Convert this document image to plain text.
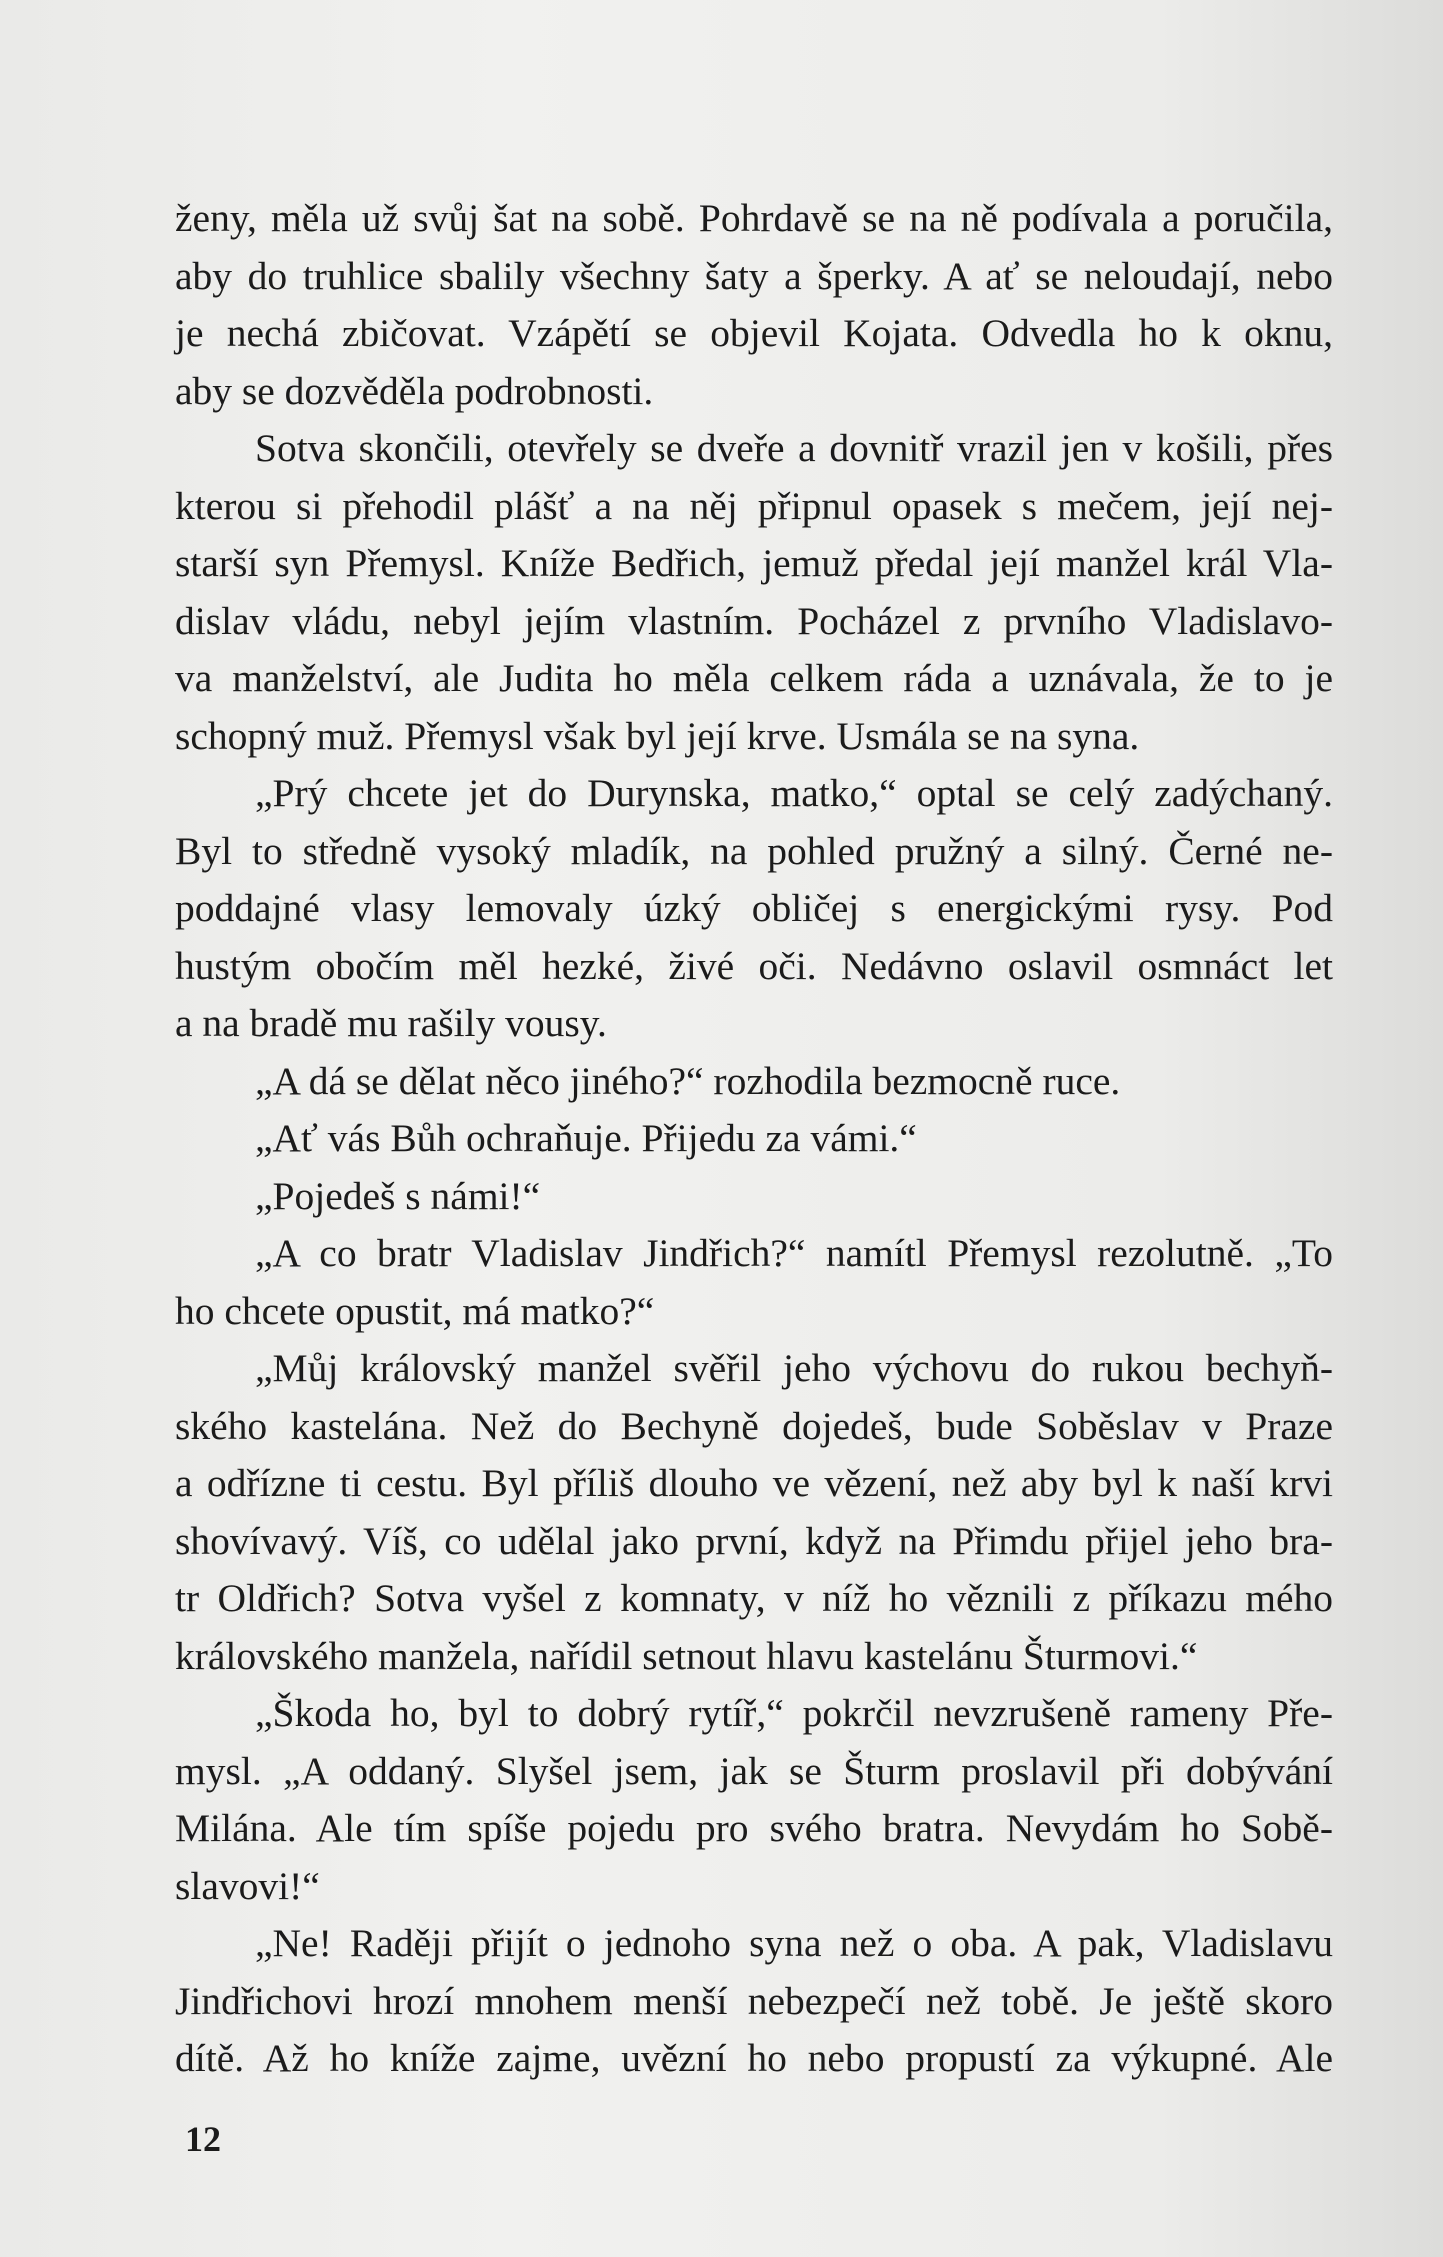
ženy, měla už svůj šat na sobě. Pohrdavě se na ně podívala a poručila,
aby do truhlice sbalily všechny šaty a šperky. A ať se neloudají, nebo
je nechá zbičovat. Vzápětí se objevil Kojata. Odvedla ho k oknu,
aby se dozvěděla podrobnosti.
Sotva skončili, otevřely se dveře a dovnitř vrazil jen v košili, přes
kterou si přehodil plášť a na něj připnul opasek s mečem, její nej-
starší syn Přemysl. Kníže Bedřich, jemuž předal její manžel král Vla-
dislav vládu, nebyl jejím vlastním. Pocházel z prvního Vladislavo-
va manželství, ale Judita ho měla celkem ráda a uznávala, že to je
schopný muž. Přemysl však byl její krve. Usmála se na syna.
„Prý chcete jet do Durynska, matko,“ optal se celý zadýchaný.
Byl to středně vysoký mladík, na pohled pružný a silný. Černé ne-
poddajné vlasy lemovaly úzký obličej s energickými rysy. Pod
hustým obočím měl hezké, živé oči. Nedávno oslavil osmnáct let
a na bradě mu rašily vousy.
„A dá se dělat něco jiného?“ rozhodila bezmocně ruce.
„Ať vás Bůh ochraňuje. Přijedu za vámi.“
„Pojedeš s námi!“
„A co bratr Vladislav Jindřich?“ namítl Přemysl rezolutně. „To
ho chcete opustit, má matko?“
„Můj královský manžel svěřil jeho výchovu do rukou bechyň-
ského kastelána. Než do Bechyně dojedeš, bude Soběslav v Praze
a odřízne ti cestu. Byl příliš dlouho ve vězení, než aby byl k naší krvi
shovívavý. Víš, co udělal jako první, když na Přimdu přijel jeho bra-
tr Oldřich? Sotva vyšel z komnaty, v níž ho věznili z příkazu mého
královského manžela, nařídil setnout hlavu kastelánu Šturmovi.“
„Škoda ho, byl to dobrý rytíř,“ pokrčil nevzrušeně rameny Pře-
mysl. „A oddaný. Slyšel jsem, jak se Šturm proslavil při dobývání
Milána. Ale tím spíše pojedu pro svého bratra. Nevydám ho Sobě-
slavovi!“
„Ne! Raději přijít o jednoho syna než o oba. A pak, Vladislavu
Jindřichovi hrozí mnohem menší nebezpečí než tobě. Je ještě skoro
dítě. Až ho kníže zajme, uvězní ho nebo propustí za výkupné. Ale
12
